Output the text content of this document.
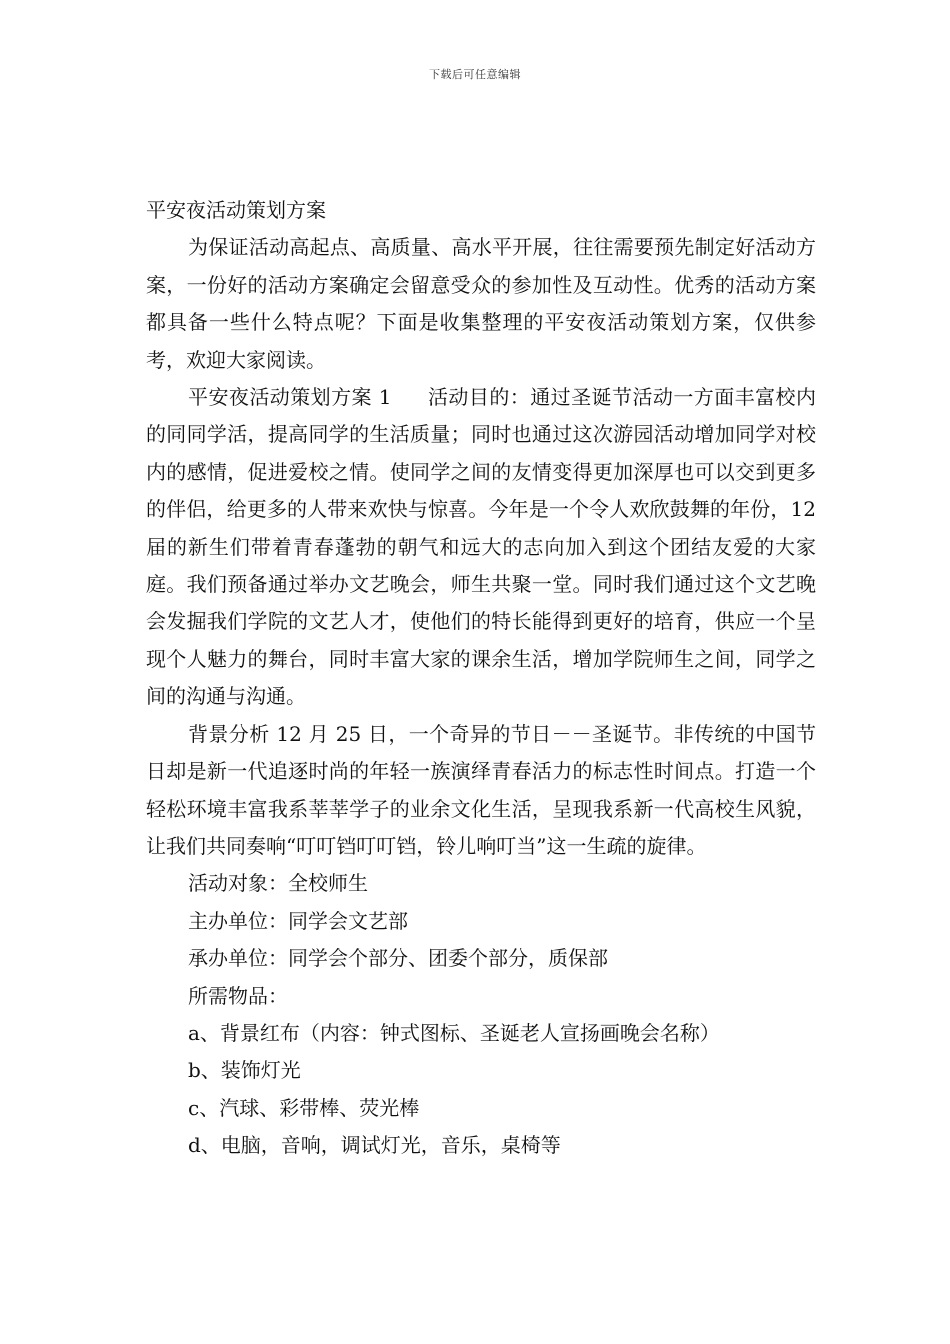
下载后可任意编辑

平安夜活动策划方案

为保证活动高起点、高质量、高水平开展，往往需要预先制定好活动方案，一份好的活动方案确定会留意受众的参加性及互动性。优秀的活动方案都具备一些什么特点呢？下面是收集整理的平安夜活动策划方案，仅供参考，欢迎大家阅读。

平安夜活动策划方案 1 活动目的：通过圣诞节活动一方面丰富校内的同同学活，提高同学的生活质量；同时也通过这次游园活动增加同学对校内的感情，促进爱校之情。使同学之间的友情变得更加深厚也可以交到更多的伴侣，给更多的人带来欢快与惊喜。今年是一个令人欢欣鼓舞的年份，12 届的新生们带着青春蓬勃的朝气和远大的志向加入到这个团结友爱的大家庭。我们预备通过举办文艺晚会，师生共聚一堂。同时我们通过这个文艺晚会发掘我们学院的文艺人才，使他们的特长能得到更好的培育，供应一个呈现个人魅力的舞台，同时丰富大家的课余生活，增加学院师生之间，同学之间的沟通与沟通。

背景分析 12 月 25 日，一个奇异的节日－－圣诞节。非传统的中国节日却是新一代追逐时尚的年轻一族演绎青春活力的标志性时间点。打造一个轻松环境丰富我系莘莘学子的业余文化生活，呈现我系新一代高校生风貌，让我们共同奏响“叮叮铛叮叮铛，铃儿响叮当”这一生疏的旋律。

活动对象：全校师生

主办单位：同学会文艺部

承办单位：同学会个部分、团委个部分，质保部

所需物品：

a、背景红布（内容：钟式图标、圣诞老人宣扬画晚会名称）

b、装饰灯光

c、汽球、彩带棒、荧光棒

d、电脑，音响，调试灯光，音乐，桌椅等
